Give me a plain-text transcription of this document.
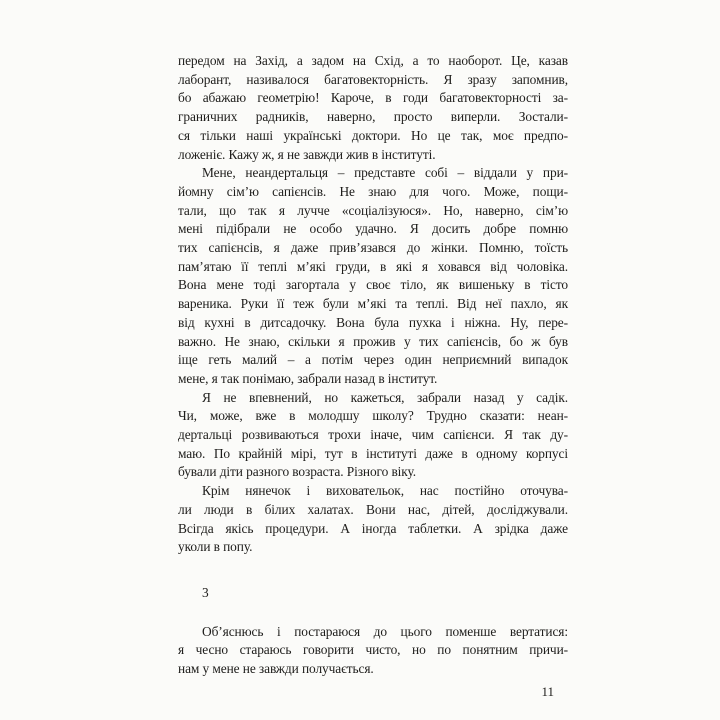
передом на Захід, а задом на Схід, а то наоборот. Це, казав
лаборант, називалося багатовекторність. Я зразу запомнив,
бо абажаю геометрію! Кароче, в годи багатовекторності за-
граничних радників, наверно, просто виперли. Зостали-
ся тільки наші українські доктори. Но це так, моє предпо-
ложеніє. Кажу ж, я не завжди жив в інституті.
Мене, неандертальця – представте собі – віддали у при-
йомну сім’ю сапієнсів. Не знаю для чого. Може, пощи-
тали, що так я лучче «соціалізуюся». Но, наверно, сім’ю
мені підібрали не особо удачно. Я досить добре помню
тих сапієнсів, я даже прив’язався до жінки. Помню, тоїсть
пам’ятаю її теплі м’які груди, в які я ховався від чоловіка.
Вона мене тоді загортала у своє тіло, як вишеньку в тісто
вареника. Руки її теж були м’які та теплі. Від неї пахло, як
від кухні в дитсадочку. Вона була пухка і ніжна. Ну, пере-
важно. Не знаю, скільки я прожив у тих сапієнсів, бо ж був
іще геть малий – а потім через один неприємний випадок
мене, я так понімаю, забрали назад в інститут.
Я не впевнений, но кажеться, забрали назад у садік.
Чи, може, вже в молодшу школу? Трудно сказати: неан-
дертальці розвиваються трохи іначе, чим сапієнси. Я так ду-
маю. По крайній мірі, тут в інституті даже в одному корпусі
бували діти разного возраста. Різного віку.
Крім нянечок і виховательок, нас постійно оточува-
ли люди в білих халатах. Вони нас, дітей, досліджували.
Всігда якісь процедури. А іногда таблетки. А зрідка даже
уколи в попу.
3
Об’яснюсь і постараюся до цього поменше вертатися:
я чесно стараюсь говорити чисто, но по понятним причи-
нам у мене не завжди получається.
11
